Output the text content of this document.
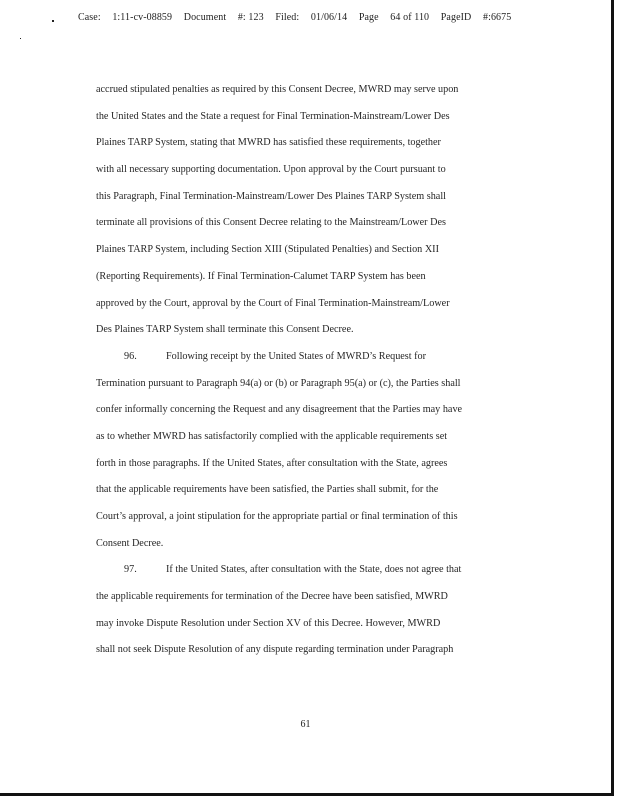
Case: 1:11-cv-08859 Document #: 123 Filed: 01/06/14 Page 64 of 110 PageID #:6675
accrued stipulated penalties as required by this Consent Decree, MWRD may serve upon
the United States and the State a request for Final Termination-Mainstream/Lower Des
Plaines TARP System, stating that MWRD has satisfied these requirements, together
with all necessary supporting documentation. Upon approval by the Court pursuant to
this Paragraph, Final Termination-Mainstream/Lower Des Plaines TARP System shall
terminate all provisions of this Consent Decree relating to the Mainstream/Lower Des
Plaines TARP System, including Section XIII (Stipulated Penalties) and Section XII
(Reporting Requirements). If Final Termination-Calumet TARP System has been
approved by the Court, approval by the Court of Final Termination-Mainstream/Lower
Des Plaines TARP System shall terminate this Consent Decree.
96.	Following receipt by the United States of MWRD’s Request for
Termination pursuant to Paragraph 94(a) or (b) or Paragraph 95(a) or (c), the Parties shall
confer informally concerning the Request and any disagreement that the Parties may have
as to whether MWRD has satisfactorily complied with the applicable requirements set
forth in those paragraphs. If the United States, after consultation with the State, agrees
that the applicable requirements have been satisfied, the Parties shall submit, for the
Court’s approval, a joint stipulation for the appropriate partial or final termination of this
Consent Decree.
97.	If the United States, after consultation with the State, does not agree that
the applicable requirements for termination of the Decree have been satisfied, MWRD
may invoke Dispute Resolution under Section XV of this Decree. However, MWRD
shall not seek Dispute Resolution of any dispute regarding termination under Paragraph
61
